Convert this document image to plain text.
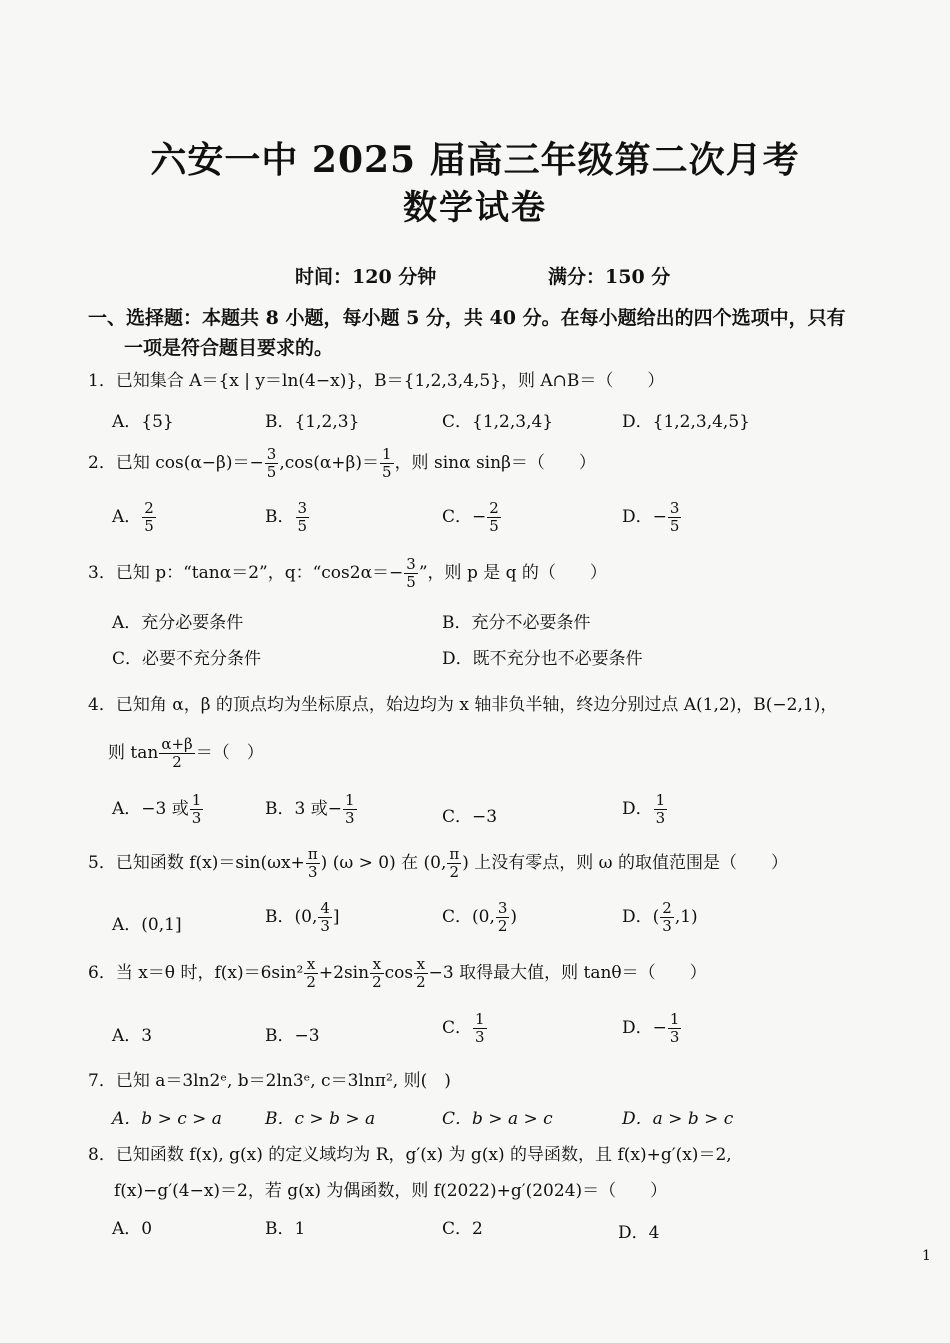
六安一中 2025 届高三年级第二次月考
数学试卷
时间：120 分钟	满分：150 分
一、选择题：本题共 8 小题，每小题 5 分，共 40 分。在每小题给出的四个选项中，只有
一项是符合题目要求的。
1．已知集合 A＝{x | y＝ln(4−x)}，B＝{1,2,3,4,5}，则 A∩B＝（　　）
A．{5}	B．{1,2,3}	C．{1,2,3,4}	D．{1,2,3,4,5}
2．已知 $\cos(\alpha-\beta)=- \frac{3}{5} ,\cos(\alpha+\beta)= \frac{1}{5}$ ，则 sinα sinβ＝（　　）
A． $\frac{2}{5}$	B． $\frac{3}{5}$	C．− $\frac{2}{5}$	D．− $\frac{3}{5}$
3．已知 p：“tanα＝2”，q：“$\cos 2\alpha=- \frac{3}{5}$ ”，则 p 是 q 的（　　）
A．充分必要条件	B．充分不必要条件
C．必要不充分条件	D．既不充分也不必要条件
4．已知角 α，β 的顶点均为坐标原点，始边均为 x 轴非负半轴，终边分别过点 A(1,2)，B(−2,1)，
则 $\tan \frac{\alpha+\beta}{2}$ ＝（　）
A．−3 或 $\frac{1}{3}$	B．3 或− $\frac{1}{3}$	C．−3	D． $\frac{1}{3}$
5．已知函数 $f(x)=\sin(\omega x+ \frac{\pi}{3}$ ) (ω > 0) 在 (0, $\frac{\pi}{2}$ ) 上没有零点，则 ω 的取值范围是（　　）
A．(0,1]	B．(0, $\frac{4}{3}$ ]	C．(0, $\frac{3}{2}$ )	D．( $\frac{2}{3} ,1$)
6．当 x＝θ 时，$f(x)=6\sin^2 \frac{x}{2} +2\sin \frac{x}{2}$ $\cos \frac{x}{2} -3$ 取得最大值，则 tanθ＝（　　）
A．3	B．−3	C． $\frac{1}{3}$	D．− $\frac{1}{3}$
7．已知 a＝3ln2ᵉ, b＝2ln3ᵉ, c＝3lnπ², 则(　)
A．b > c > a	B．c > b > a	C．b > a > c	D．a > b > c
8．已知函数 f(x), g(x) 的定义域均为 R，g′(x) 为 g(x) 的导函数，且 f(x)+g′(x)＝2,
f(x)−g′(4−x)＝2，若 g(x) 为偶函数，则 f(2022)+g′(2024)＝（　　）
A．0	B．1	C．2	D．4
1
